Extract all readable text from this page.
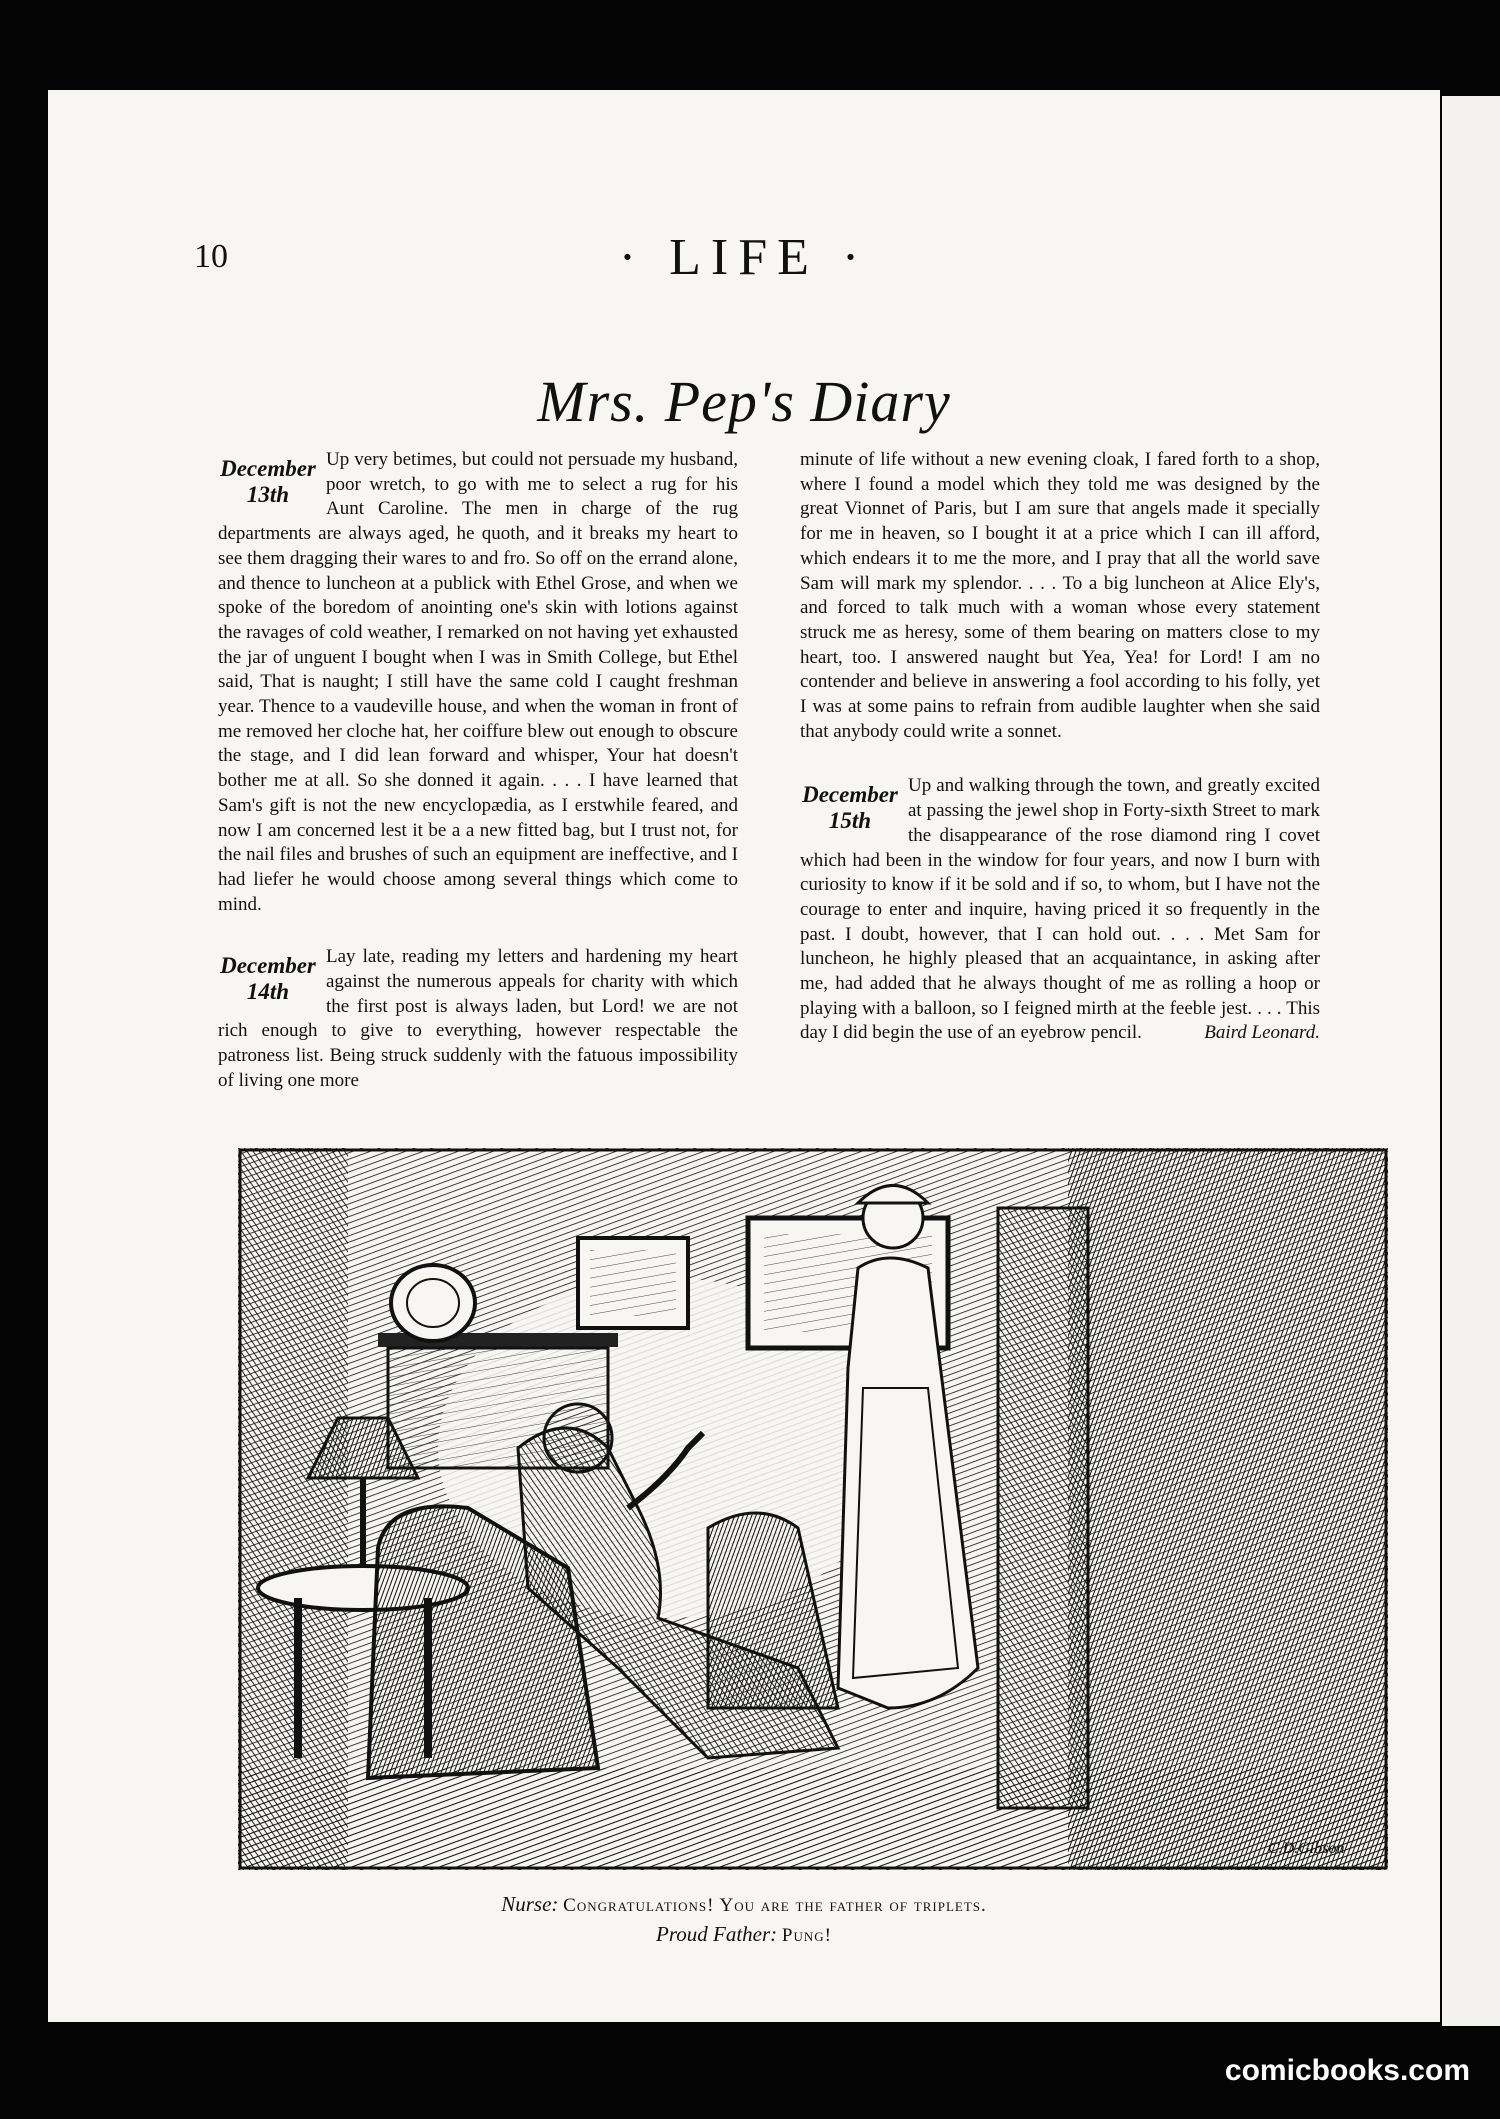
10	· LIFE ·
Mrs. Pep's Diary
December
13th

Up very betimes, but could not persuade my husband, poor wretch, to go with me to select a rug for his Aunt Caroline. The men in charge of the rug departments are always aged, he quoth, and it breaks my heart to see them dragging their wares to and fro. So off on the errand alone, and thence to luncheon at a publick with Ethel Grose, and when we spoke of the boredom of anointing one's skin with lotions against the ravages of cold weather, I remarked on not having yet exhausted the jar of unguent I bought when I was in Smith College, but Ethel said, That is naught; I still have the same cold I caught freshman year. Thence to a vaudeville house, and when the woman in front of me removed her cloche hat, her coiffure blew out enough to obscure the stage, and I did lean forward and whisper, Your hat doesn't bother me at all. So she donned it again. . . . I have learned that Sam's gift is not the new encyclopædia, as I erstwhile feared, and now I am concerned lest it be a a new fitted bag, but I trust not, for the nail files and brushes of such an equipment are ineffective, and I had liefer he would choose among several things which come to mind.

December
14th

Lay late, reading my letters and hardening my heart against the numerous appeals for charity with which the first post is always laden, but Lord! we are not rich enough to give to everything, however respectable the patroness list. Being struck suddenly with the fatuous impossibility of living one more

minute of life without a new evening cloak, I fared forth to a shop, where I found a model which they told me was designed by the great Vionnet of Paris, but I am sure that angels made it specially for me in heaven, so I bought it at a price which I can ill afford, which endears it to me the more, and I pray that all the world save Sam will mark my splendor. . . . To a big luncheon at Alice Ely's, and forced to talk much with a woman whose every statement struck me as heresy, some of them bearing on matters close to my heart, too. I answered naught but Yea, Yea! for Lord! I am no contender and believe in answering a fool according to his folly, yet I was at some pains to refrain from audible laughter when she said that anybody could write a sonnet.

December
15th

Up and walking through the town, and greatly excited at passing the jewel shop in Forty-sixth Street to mark the disappearance of the rose diamond ring I covet which had been in the window for four years, and now I burn with curiosity to know if it be sold and if so, to whom, but I have not the courage to enter and inquire, having priced it so frequently in the past. I doubt, however, that I can hold out. . . . Met Sam for luncheon, he highly pleased that an acquaintance, in asking after me, had added that he always thought of me as rolling a hoop or playing with a balloon, so I feigned mirth at the feeble jest. . . . This day I did begin the use of an eyebrow pencil.	Baird Leonard.

C.D.Gibson
Nurse: Congratulations! You are the father of triplets.
Proud Father: Pung!
comicbooks.com
